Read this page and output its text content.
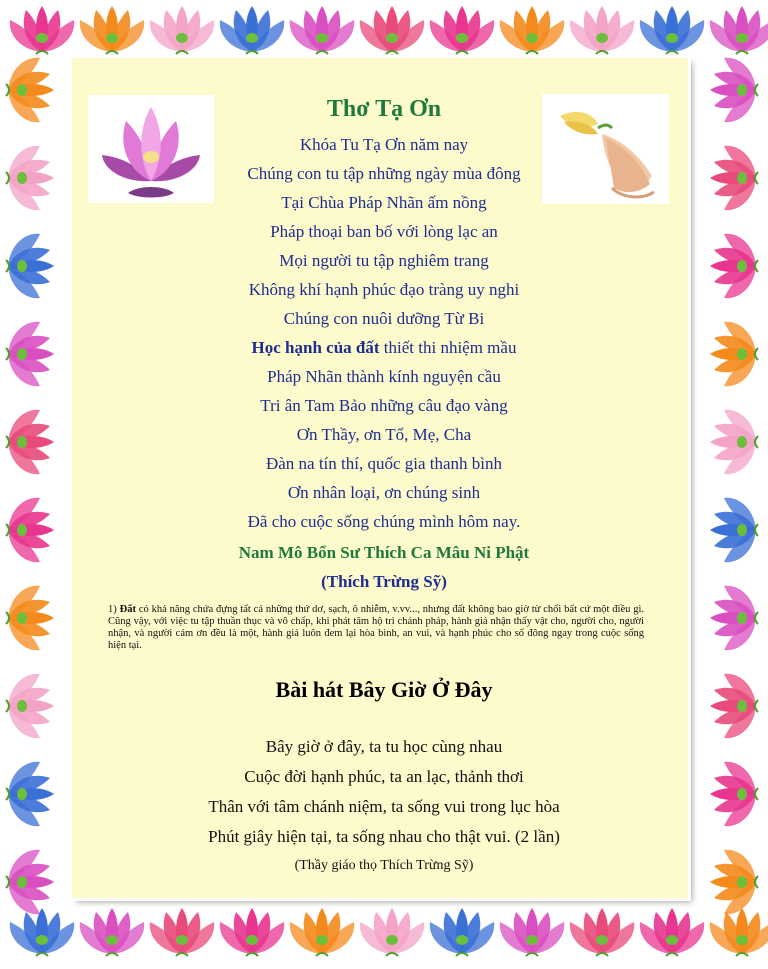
Thơ Tạ Ơn
Khóa Tu Tạ Ơn năm nay
Chúng con tu tập những ngày mùa đông
Tại Chùa Pháp Nhãn ấm nồng
Pháp thoại ban bố với lòng lạc an
Mọi người tu tập nghiêm trang
Không khí hạnh phúc đạo tràng uy nghi
Chúng con nuôi dưỡng Từ Bi
Học hạnh của đất thiết thi nhiệm mầu
Pháp Nhãn thành kính nguyện cầu
Tri ân Tam Bảo những câu đạo vàng
Ơn Thầy, ơn Tổ, Mẹ, Cha
Đàn na tín thí, quốc gia thanh bình
Ơn nhân loại, ơn chúng sinh
Đã cho cuộc sống chúng mình hôm nay.
Nam Mô Bổn Sư Thích Ca Mâu Ni Phật
(Thích Trừng Sỹ)
1) Đất có khả năng chứa đựng tất cả những thứ dơ, sạch, ô nhiễm, v.vv..., nhưng đất không bao giờ từ chối bất cứ một điều gì. Cũng vậy, với việc tu tập thuần thục và vô chấp, khi phát tâm hộ trì chánh pháp, hành giả nhận thấy vật cho, người cho, người nhận, và người cám ơn đều là một, hành giả luôn đem lại hòa bình, an vui, và hạnh phúc cho số đông ngay trong cuộc sống hiện tại.
Bài hát Bây Giờ Ở Đây
Bây giờ ở đây, ta tu học cùng nhau
Cuộc đời hạnh phúc, ta an lạc, thảnh thơi
Thân với tâm chánh niệm, ta sống vui trong lục hòa
Phút giây hiện tại, ta sống nhau cho thật vui. (2 lần)
(Thầy giáo thọ Thích Trừng Sỹ)
